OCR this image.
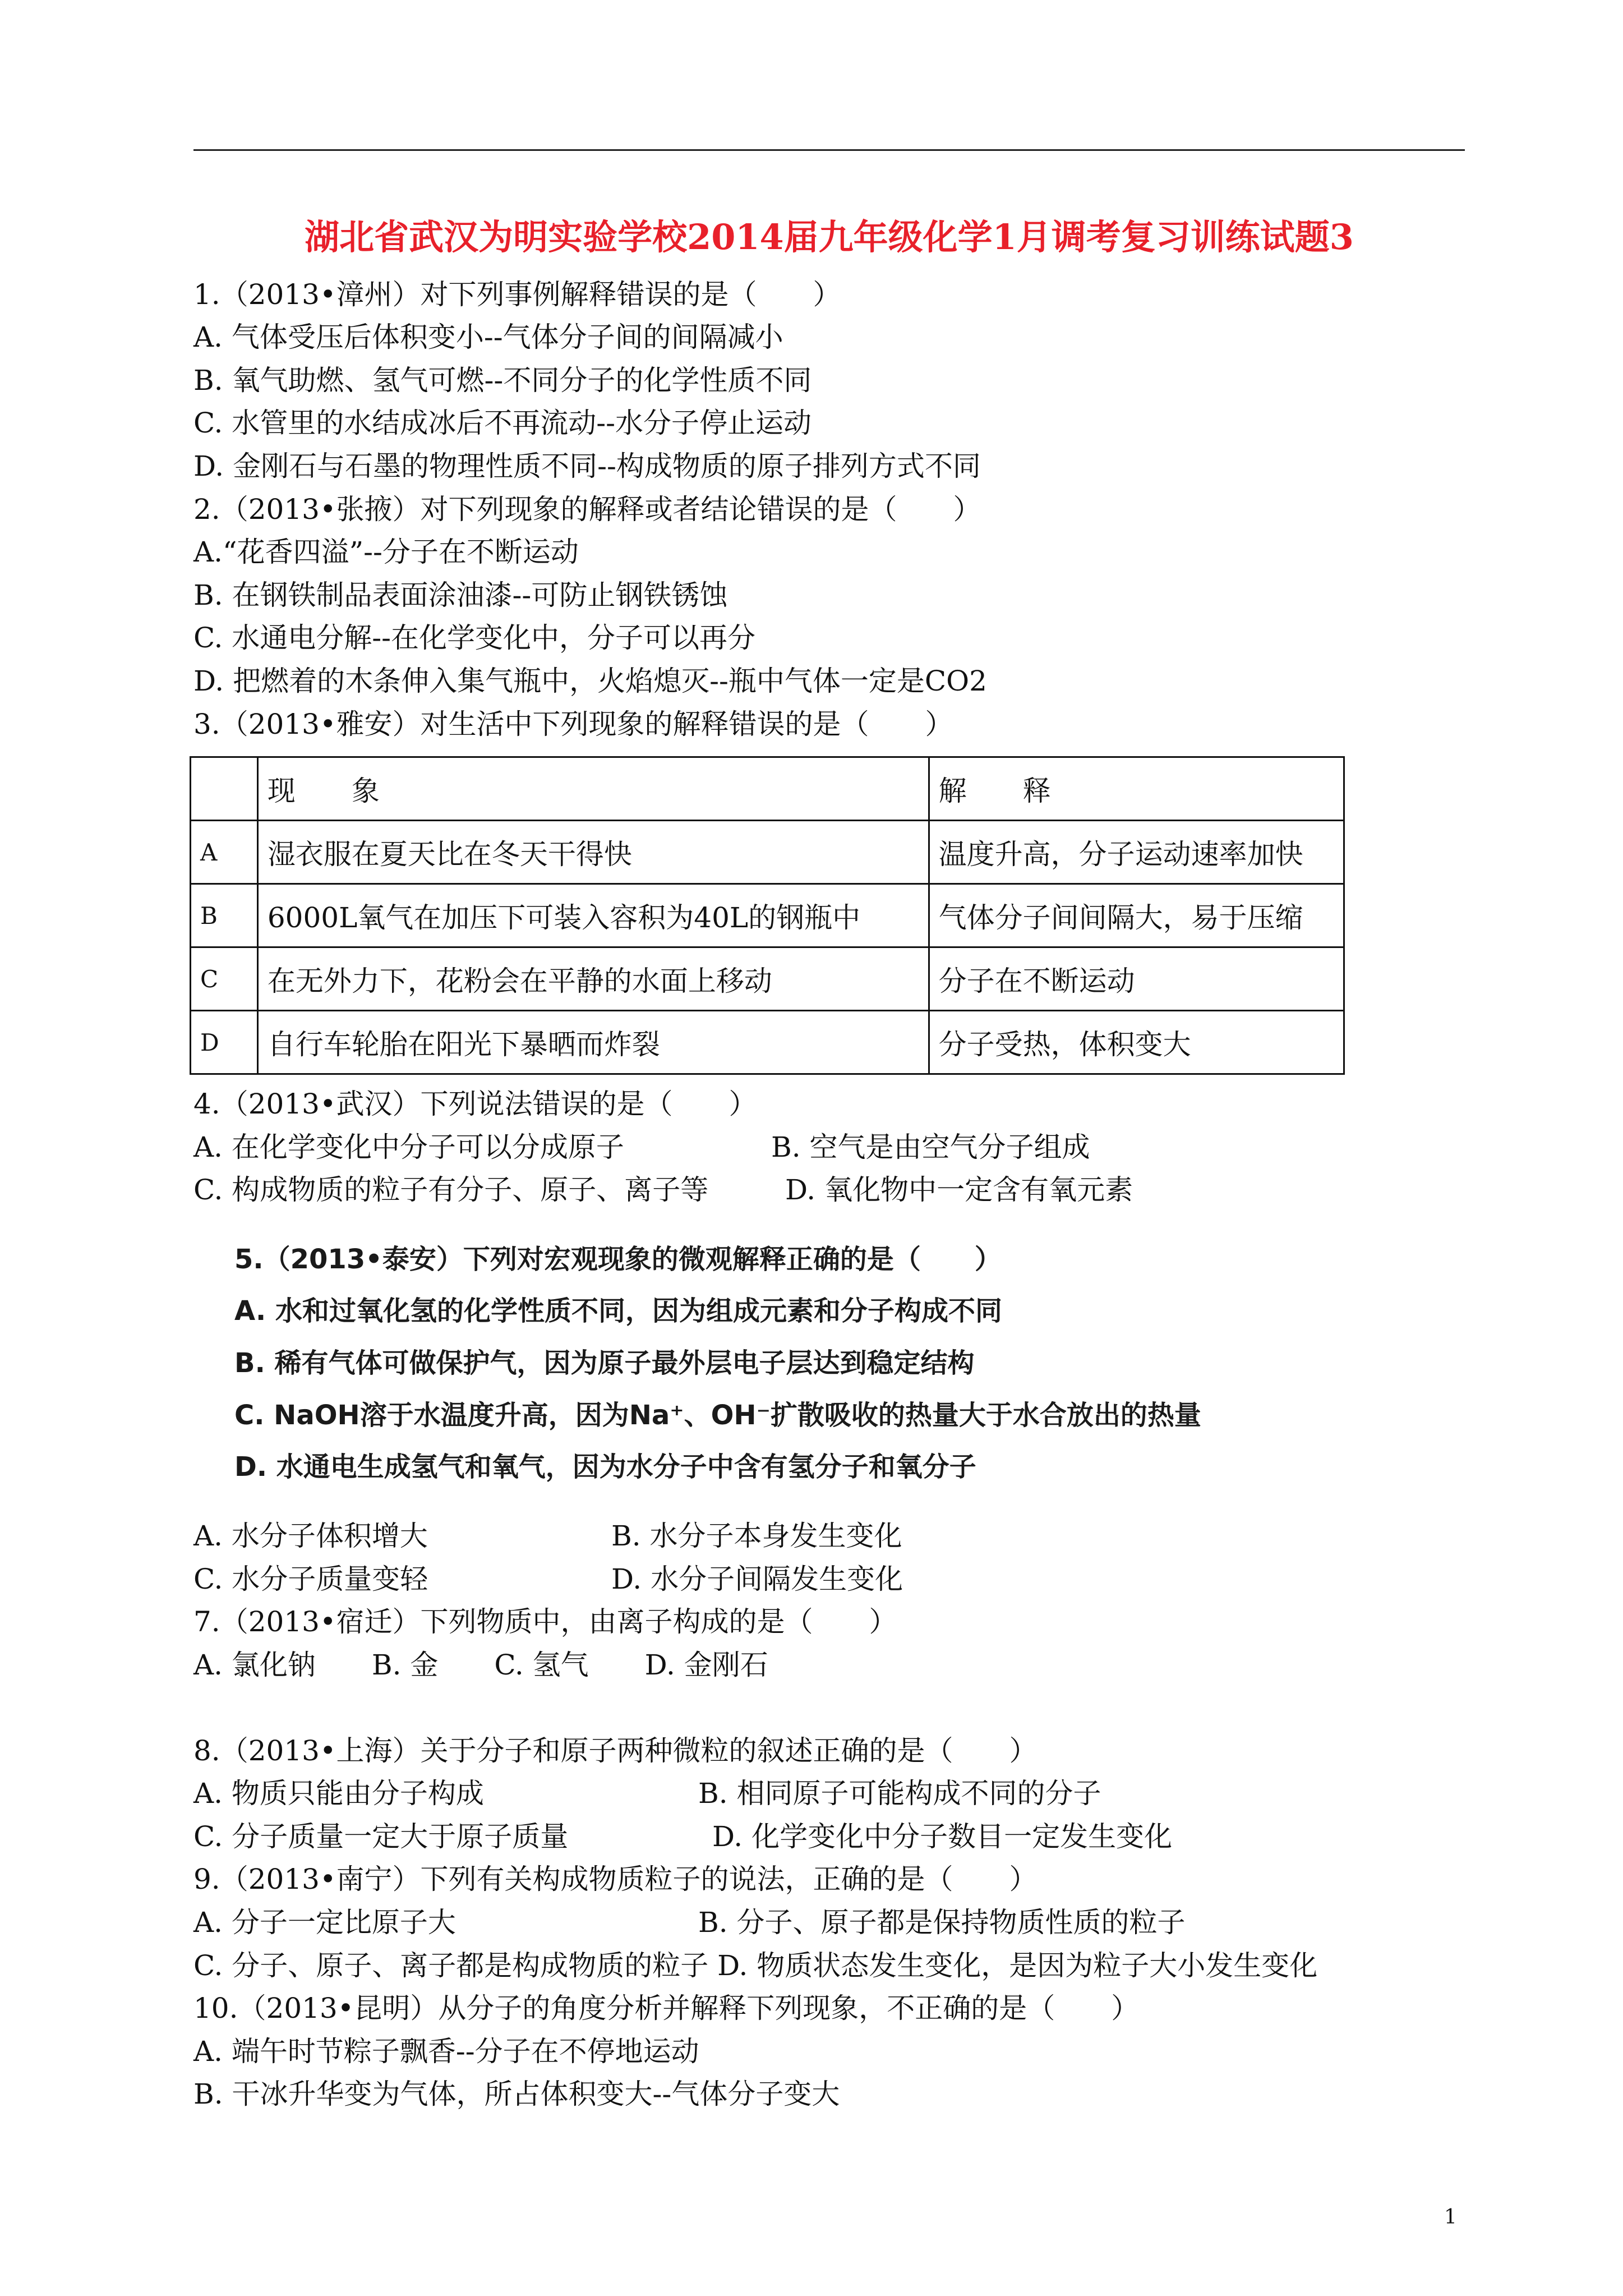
湖北省武汉为明实验学校2014届九年级化学1月调考复习训练试题3
1.（2013•漳州）对下列事例解释错误的是（　　）
A. 气体受压后体积变小--气体分子间的间隔减小
B. 氧气助燃、氢气可燃--不同分子的化学性质不同
C. 水管里的水结成冰后不再流动--水分子停止运动
D. 金刚石与石墨的物理性质不同--构成物质的原子排列方式不同
2.（2013•张掖）对下列现象的解释或者结论错误的是（　　）
A.“花香四溢”--分子在不断运动
B. 在钢铁制品表面涂油漆--可防止钢铁锈蚀
C. 水通电分解--在化学变化中，分子可以再分
D. 把燃着的木条伸入集气瓶中，火焰熄灭--瓶中气体一定是CO2
3.（2013•雅安）对生活中下列现象的解释错误的是（　　）
	现　　象	解　　释
A	湿衣服在夏天比在冬天干得快	温度升高，分子运动速率加快
B	6000L氧气在加压下可装入容积为40L的钢瓶中	气体分子间间隔大，易于压缩
C	在无外力下，花粉会在平静的水面上移动	分子在不断运动
D	自行车轮胎在阳光下暴晒而炸裂	分子受热，体积变大
4.（2013•武汉）下列说法错误的是（　　）
A. 在化学变化中分子可以分成原子	B. 空气是由空气分子组成
C. 构成物质的粒子有分子、原子、离子等	D. 氧化物中一定含有氧元素
5.（2013•泰安）下列对宏观现象的微观解释正确的是（　　）
A. 水和过氧化氢的化学性质不同，因为组成元素和分子构成不同
B. 稀有气体可做保护气，因为原子最外层电子层达到稳定结构
C. NaOH溶于水温度升高，因为Na⁺、OH⁻扩散吸收的热量大于水合放出的热量
D. 水通电生成氢气和氧气，因为水分子中含有氢分子和氧分子
A. 水分子体积增大	B. 水分子本身发生变化
C. 水分子质量变轻	D. 水分子间隔发生变化
7.（2013•宿迁）下列物质中，由离子构成的是（　　）
A. 氯化钠　　B. 金　　C. 氢气　　D. 金刚石
8.（2013•上海）关于分子和原子两种微粒的叙述正确的是（　　）
A. 物质只能由分子构成	B. 相同原子可能构成不同的分子
C. 分子质量一定大于原子质量	D. 化学变化中分子数目一定发生变化
9.（2013•南宁）下列有关构成物质粒子的说法，正确的是（　　）
A. 分子一定比原子大	B. 分子、原子都是保持物质性质的粒子
C. 分子、原子、离子都是构成物质的粒子 D. 物质状态发生变化，是因为粒子大小发生变化
10.（2013•昆明）从分子的角度分析并解释下列现象，不正确的是（　　）
A. 端午时节粽子飘香--分子在不停地运动
B. 干冰升华变为气体，所占体积变大--气体分子变大
1
